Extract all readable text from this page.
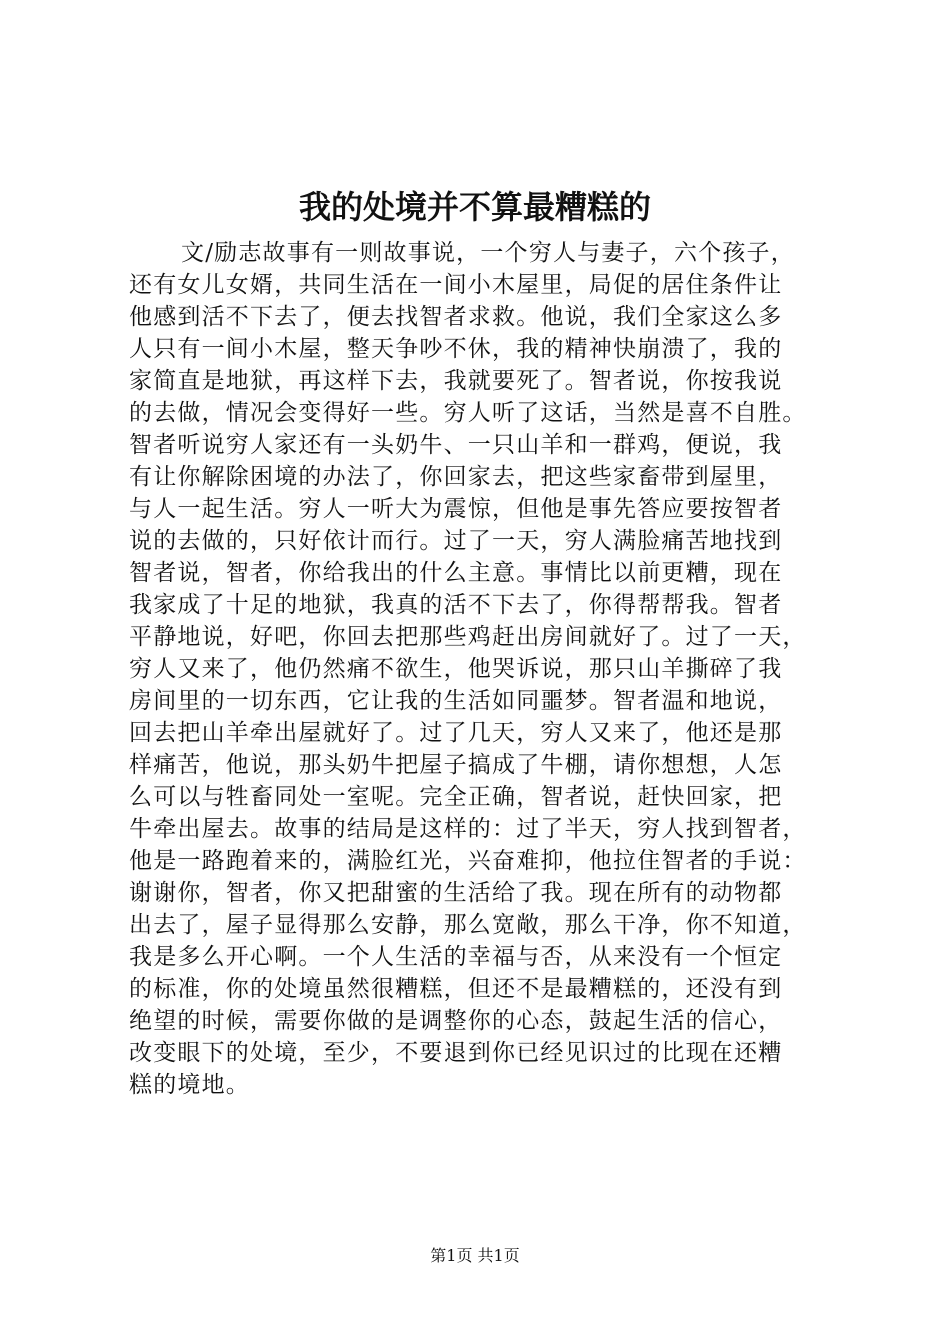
我的处境并不算最糟糕的
文/励志故事有一则故事说，一个穷人与妻子，六个孩子，
还有女儿女婿，共同生活在一间小木屋里，局促的居住条件让
他感到活不下去了，便去找智者求救。他说，我们全家这么多
人只有一间小木屋，整天争吵不休，我的精神快崩溃了，我的
家简直是地狱，再这样下去，我就要死了。智者说，你按我说
的去做，情况会变得好一些。穷人听了这话，当然是喜不自胜。
智者听说穷人家还有一头奶牛、一只山羊和一群鸡，便说，我
有让你解除困境的办法了，你回家去，把这些家畜带到屋里，
与人一起生活。穷人一听大为震惊，但他是事先答应要按智者
说的去做的，只好依计而行。过了一天，穷人满脸痛苦地找到
智者说，智者，你给我出的什么主意。事情比以前更糟，现在
我家成了十足的地狱，我真的活不下去了，你得帮帮我。智者
平静地说，好吧，你回去把那些鸡赶出房间就好了。过了一天，
穷人又来了，他仍然痛不欲生，他哭诉说，那只山羊撕碎了我
房间里的一切东西，它让我的生活如同噩梦。智者温和地说，
回去把山羊牵出屋就好了。过了几天，穷人又来了，他还是那
样痛苦，他说，那头奶牛把屋子搞成了牛棚，请你想想，人怎
么可以与牲畜同处一室呢。完全正确，智者说，赶快回家，把
牛牵出屋去。故事的结局是这样的：过了半天，穷人找到智者，
他是一路跑着来的，满脸红光，兴奋难抑，他拉住智者的手说：
谢谢你，智者，你又把甜蜜的生活给了我。现在所有的动物都
出去了，屋子显得那么安静，那么宽敞，那么干净，你不知道，
我是多么开心啊。一个人生活的幸福与否，从来没有一个恒定
的标准，你的处境虽然很糟糕，但还不是最糟糕的，还没有到
绝望的时候，需要你做的是调整你的心态，鼓起生活的信心，
改变眼下的处境，至少，不要退到你已经见识过的比现在还糟
糕的境地。
第1页 共1页
